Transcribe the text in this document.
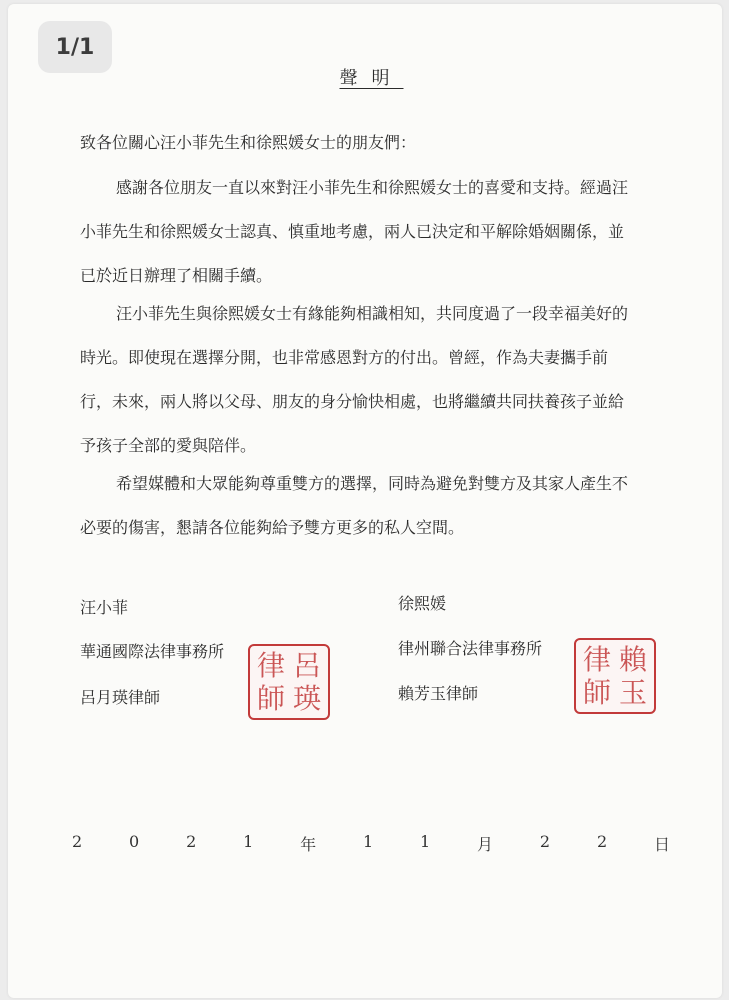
1/1
聲明
致各位關心汪小菲先生和徐熙媛女士的朋友們：
感謝各位朋友一直以來對汪小菲先生和徐熙媛女士的喜愛和支持。經過汪
小菲先生和徐熙媛女士認真、慎重地考慮，兩人已決定和平解除婚姻關係，並
已於近日辦理了相關手續。
汪小菲先生與徐熙媛女士有緣能夠相識相知，共同度過了一段幸福美好的
時光。即使現在選擇分開，也非常感恩對方的付出。曾經，作為夫妻攜手前
行，未來，兩人將以父母、朋友的身分愉快相處，也將繼續共同扶養孩子並給
予孩子全部的愛與陪伴。
希望媒體和大眾能夠尊重雙方的選擇，同時為避免對雙方及其家人產生不
必要的傷害，懇請各位能夠給予雙方更多的私人空間。
汪小菲
華通國際法律事務所
呂月瑛律師
律 呂
師 瑛
徐熙媛
律州聯合法律事務所
賴芳玉律師
律 賴
師 玉
2	0	2	1	年	1	1	月	2	2	日
